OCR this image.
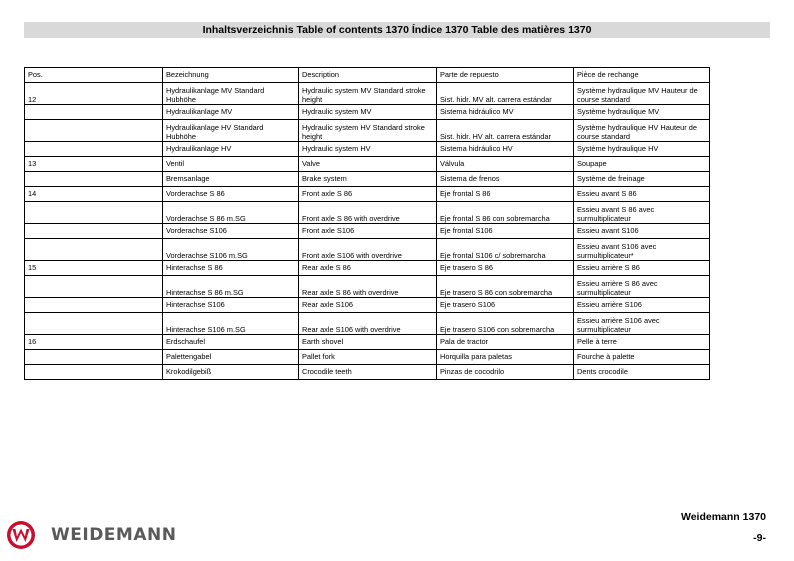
Inhaltsverzeichnis Table of contents 1370 Índice 1370 Table des matières 1370
Pos.	Bezeichnung	Description	Parte de repuesto	Pièce de rechange
12	Hydraulikanlage MV Standard Hubhöhe	Hydraulic system MV Standard stroke height	Sist. hidr. MV alt. carrera estándar	Système hydraulique MV Hauteur de course standard
	Hydraulikanlage MV	Hydraulic system MV	Sistema hidráulico MV	Système hydraulique MV
	Hydraulikanlage HV Standard Hubhöhe	Hydraulic system HV Standard stroke height	Sist. hidr. HV alt. carrera estándar	Système hydraulique HV Hauteur de course standard
	Hydraulikanlage HV	Hydraulic system HV	Sistema hidráulico HV	Système hydraulique HV
13	Ventil	Valve	Válvula	Soupape
	Bremsanlage	Brake system	Sistema de frenos	Système de freinage
14	Vorderachse S 86	Front axle S 86	Eje frontal S 86	Essieu avant S 86
	Vorderachse S 86 m.SG	Front axle S 86 with overdrive	Eje frontal S 86 con sobremarcha	Essieu avant S 86 avec surmultiplicateur
	Vorderachse S106	Front axle S106	Eje frontal S106	Essieu avant S106
	Vorderachse S106 m.SG	Front axle S106 with overdrive	Eje frontal S106 c/ sobremarcha	Essieu avant S106 avec surmultiplicateur*
15	Hinterachse S 86	Rear axle S 86	Eje trasero S 86	Essieu arrière S 86
	Hinterachse S 86 m.SG	Rear axle S 86 with overdrive	Eje trasero S 86 con sobremarcha	Essieu arrière S 86 avec surmultiplicateur
	Hinterachse S106	Rear axle S106	Eje trasero S106	Essieu arrière S106
	Hinterachse S106 m.SG	Rear axle S106 with overdrive	Eje trasero S106 con sobremarcha	Essieu arrière S106 avec surmultiplicateur
16	Erdschaufel	Earth shovel	Pala de tractor	Pelle à terre
	Palettengabel	Pallet fork	Horquilla para paletas	Fourche à palette
	Krokodilgebiß	Crocodile teeth	Pinzas de cocodrilo	Dents crocodile
WEIDEMANN
Weidemann 1370
-9-
